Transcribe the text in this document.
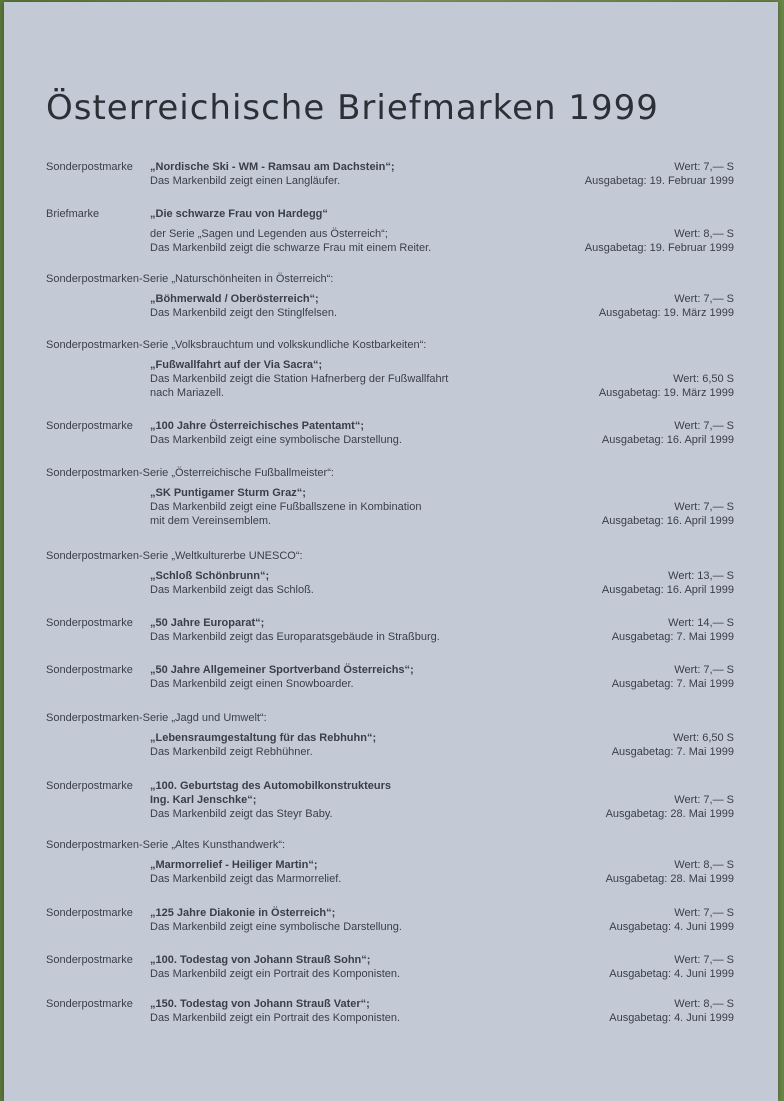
Österreichische Briefmarken 1999
Sonderpostmarke „Nordische Ski - WM - Ramsau am Dachstein“;
Das Markenbild zeigt einen Langläufer.
Wert: 7,— S
Ausgabetag: 19. Februar 1999
Briefmarke	„Die schwarze Frau von Hardegg“
der Serie „Sagen und Legenden aus Österreich“;
Das Markenbild zeigt die schwarze Frau mit einem Reiter.
Wert: 8,— S
Ausgabetag: 19. Februar 1999
Sonderpostmarken-Serie „Naturschönheiten in Österreich“:
„Böhmerwald / Oberösterreich“;
Das Markenbild zeigt den Stinglfelsen.
Wert: 7,— S
Ausgabetag: 19. März 1999
Sonderpostmarken-Serie „Volksbrauchtum und volkskundliche Kostbarkeiten“:
„Fußwallfahrt auf der Via Sacra“;
Das Markenbild zeigt die Station Hafnerberg der Fußwallfahrt
nach Mariazell.
Wert: 6,50 S
Ausgabetag: 19. März 1999
Sonderpostmarke „100 Jahre Österreichisches Patentamt“;
Das Markenbild zeigt eine symbolische Darstellung.
Wert: 7,— S
Ausgabetag: 16. April 1999
Sonderpostmarken-Serie „Österreichische Fußballmeister“:
„SK Puntigamer Sturm Graz“;
Das Markenbild zeigt eine Fußballszene in Kombination
mit dem Vereinsemblem.
Wert: 7,— S
Ausgabetag: 16. April 1999
Sonderpostmarken-Serie „Weltkulturerbe UNESCO“:
„Schloß Schönbrunn“;
Das Markenbild zeigt das Schloß.
Wert: 13,— S
Ausgabetag: 16. April 1999
Sonderpostmarke „50 Jahre Europarat“;
Das Markenbild zeigt das Europaratsgebäude in Straßburg.
Wert: 14,— S
Ausgabetag: 7. Mai 1999
Sonderpostmarke „50 Jahre Allgemeiner Sportverband Österreichs“;
Das Markenbild zeigt einen Snowboarder.
Wert: 7,— S
Ausgabetag: 7. Mai 1999
Sonderpostmarken-Serie „Jagd und Umwelt“:
„Lebensraumgestaltung für das Rebhuhn“;
Das Markenbild zeigt Rebhühner.
Wert: 6,50 S
Ausgabetag: 7. Mai 1999
Sonderpostmarke „100. Geburtstag des Automobilkonstrukteurs
Ing. Karl Jenschke“;
Das Markenbild zeigt das Steyr Baby.
Wert: 7,— S
Ausgabetag: 28. Mai 1999
Sonderpostmarken-Serie „Altes Kunsthandwerk“:
„Marmorrelief - Heiliger Martin“;
Das Markenbild zeigt das Marmorrelief.
Wert: 8,— S
Ausgabetag: 28. Mai 1999
Sonderpostmarke „125 Jahre Diakonie in Österreich“;
Das Markenbild zeigt eine symbolische Darstellung.
Wert: 7,— S
Ausgabetag: 4. Juni 1999
Sonderpostmarke „100. Todestag von Johann Strauß Sohn“;
Das Markenbild zeigt ein Portrait des Komponisten.
Wert: 7,— S
Ausgabetag: 4. Juni 1999
Sonderpostmarke „150. Todestag von Johann Strauß Vater“;
Das Markenbild zeigt ein Portrait des Komponisten.
Wert: 8,— S
Ausgabetag: 4. Juni 1999
